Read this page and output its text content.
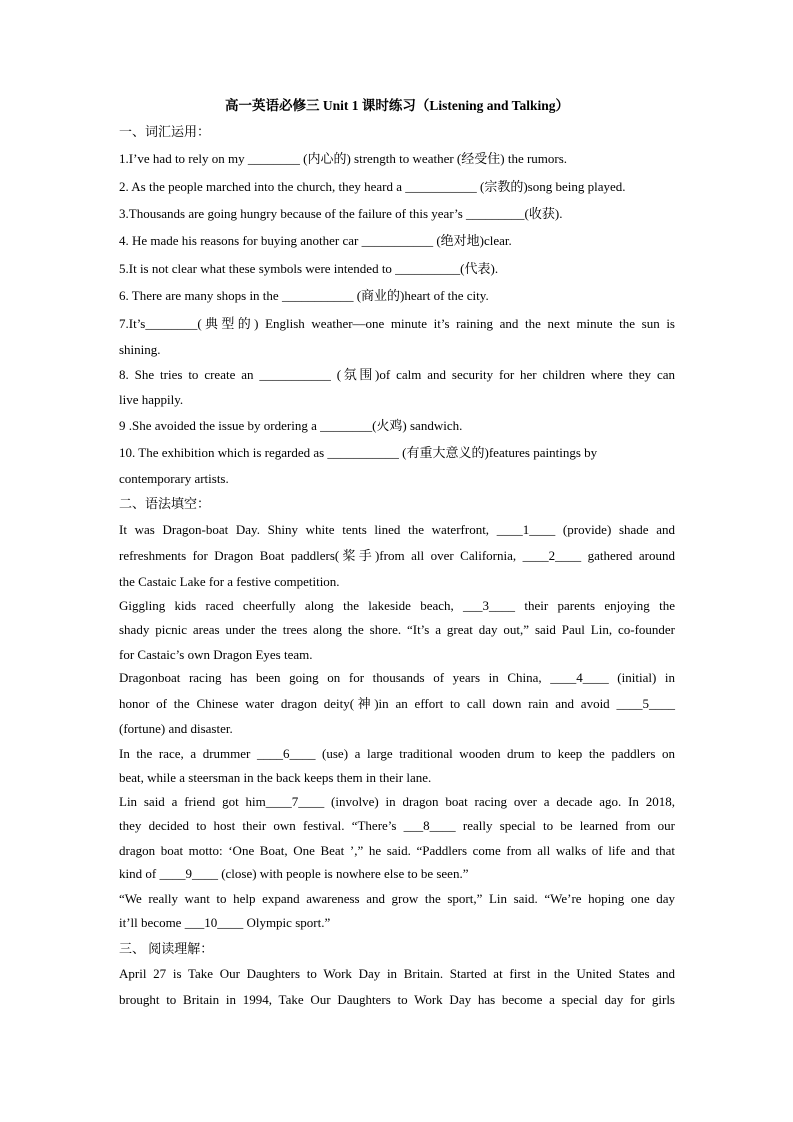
高一英语必修三 Unit 1 课时练习（Listening and Talking）
一、词汇运用：
1.I’ve had to rely on my ________ (内心的) strength to weather (经受住) the rumors.
2. As the people marched into the church, they heard a ___________ (宗教的)song being played.
3.Thousands are going hungry because of the failure of this year’s _________(收获).
4. He made his reasons for buying another car ___________ (绝对地)clear.
5.It is not clear what these symbols were intended to __________(代表).
6. There are many shops in the ___________ (商业的)heart of the city.
7.It’s________(典型的) English weather—one minute it’s raining and the next minute the sun is
shining.
8. She tries to create an ___________ (氛围)of calm and security for her children where they can
live happily.
9 .She avoided the issue by ordering a ________(火鸡) sandwich.
10. The exhibition which is regarded as ___________ (有重大意义的)features paintings by
contemporary artists.
二、语法填空：
It was Dragon-boat Day. Shiny white tents lined the waterfront, ____1____ (provide) shade and
refreshments for Dragon Boat paddlers(桨手)from all over California, ____2____ gathered around
the Castaic Lake for a festive competition.
Giggling kids raced cheerfully along the lakeside beach, ___3____ their parents enjoying the
shady picnic areas under the trees along the shore. “It’s a great day out,” said Paul Lin, co-founder
for Castaic’s own Dragon Eyes team.
Dragonboat racing has been going on for thousands of years in China, ____4____ (initial) in
honor of the Chinese water dragon deity(神)in an effort to call down rain and avoid ____5____
(fortune) and disaster.
In the race, a drummer ____6____ (use) a large traditional wooden drum to keep the paddlers on
beat, while a steersman in the back keeps them in their lane.
Lin said a friend got him____7____ (involve) in dragon boat racing over a decade ago. In 2018,
they decided to host their own festival. “There’s ___8____ really special to be learned from our
dragon boat motto: ‘One Boat, One Beat ’,” he said. “Paddlers come from all walks of life and that
kind of ____9____ (close) with people is nowhere else to be seen.”
“We really want to help expand awareness and grow the sport,” Lin said. “We’re hoping one day
it’ll become ___10____ Olympic sport.”
三、 阅读理解：
April 27 is Take Our Daughters to Work Day in Britain. Started at first in the United States and
brought to Britain in 1994, Take Our Daughters to Work Day has become a special day for girls
